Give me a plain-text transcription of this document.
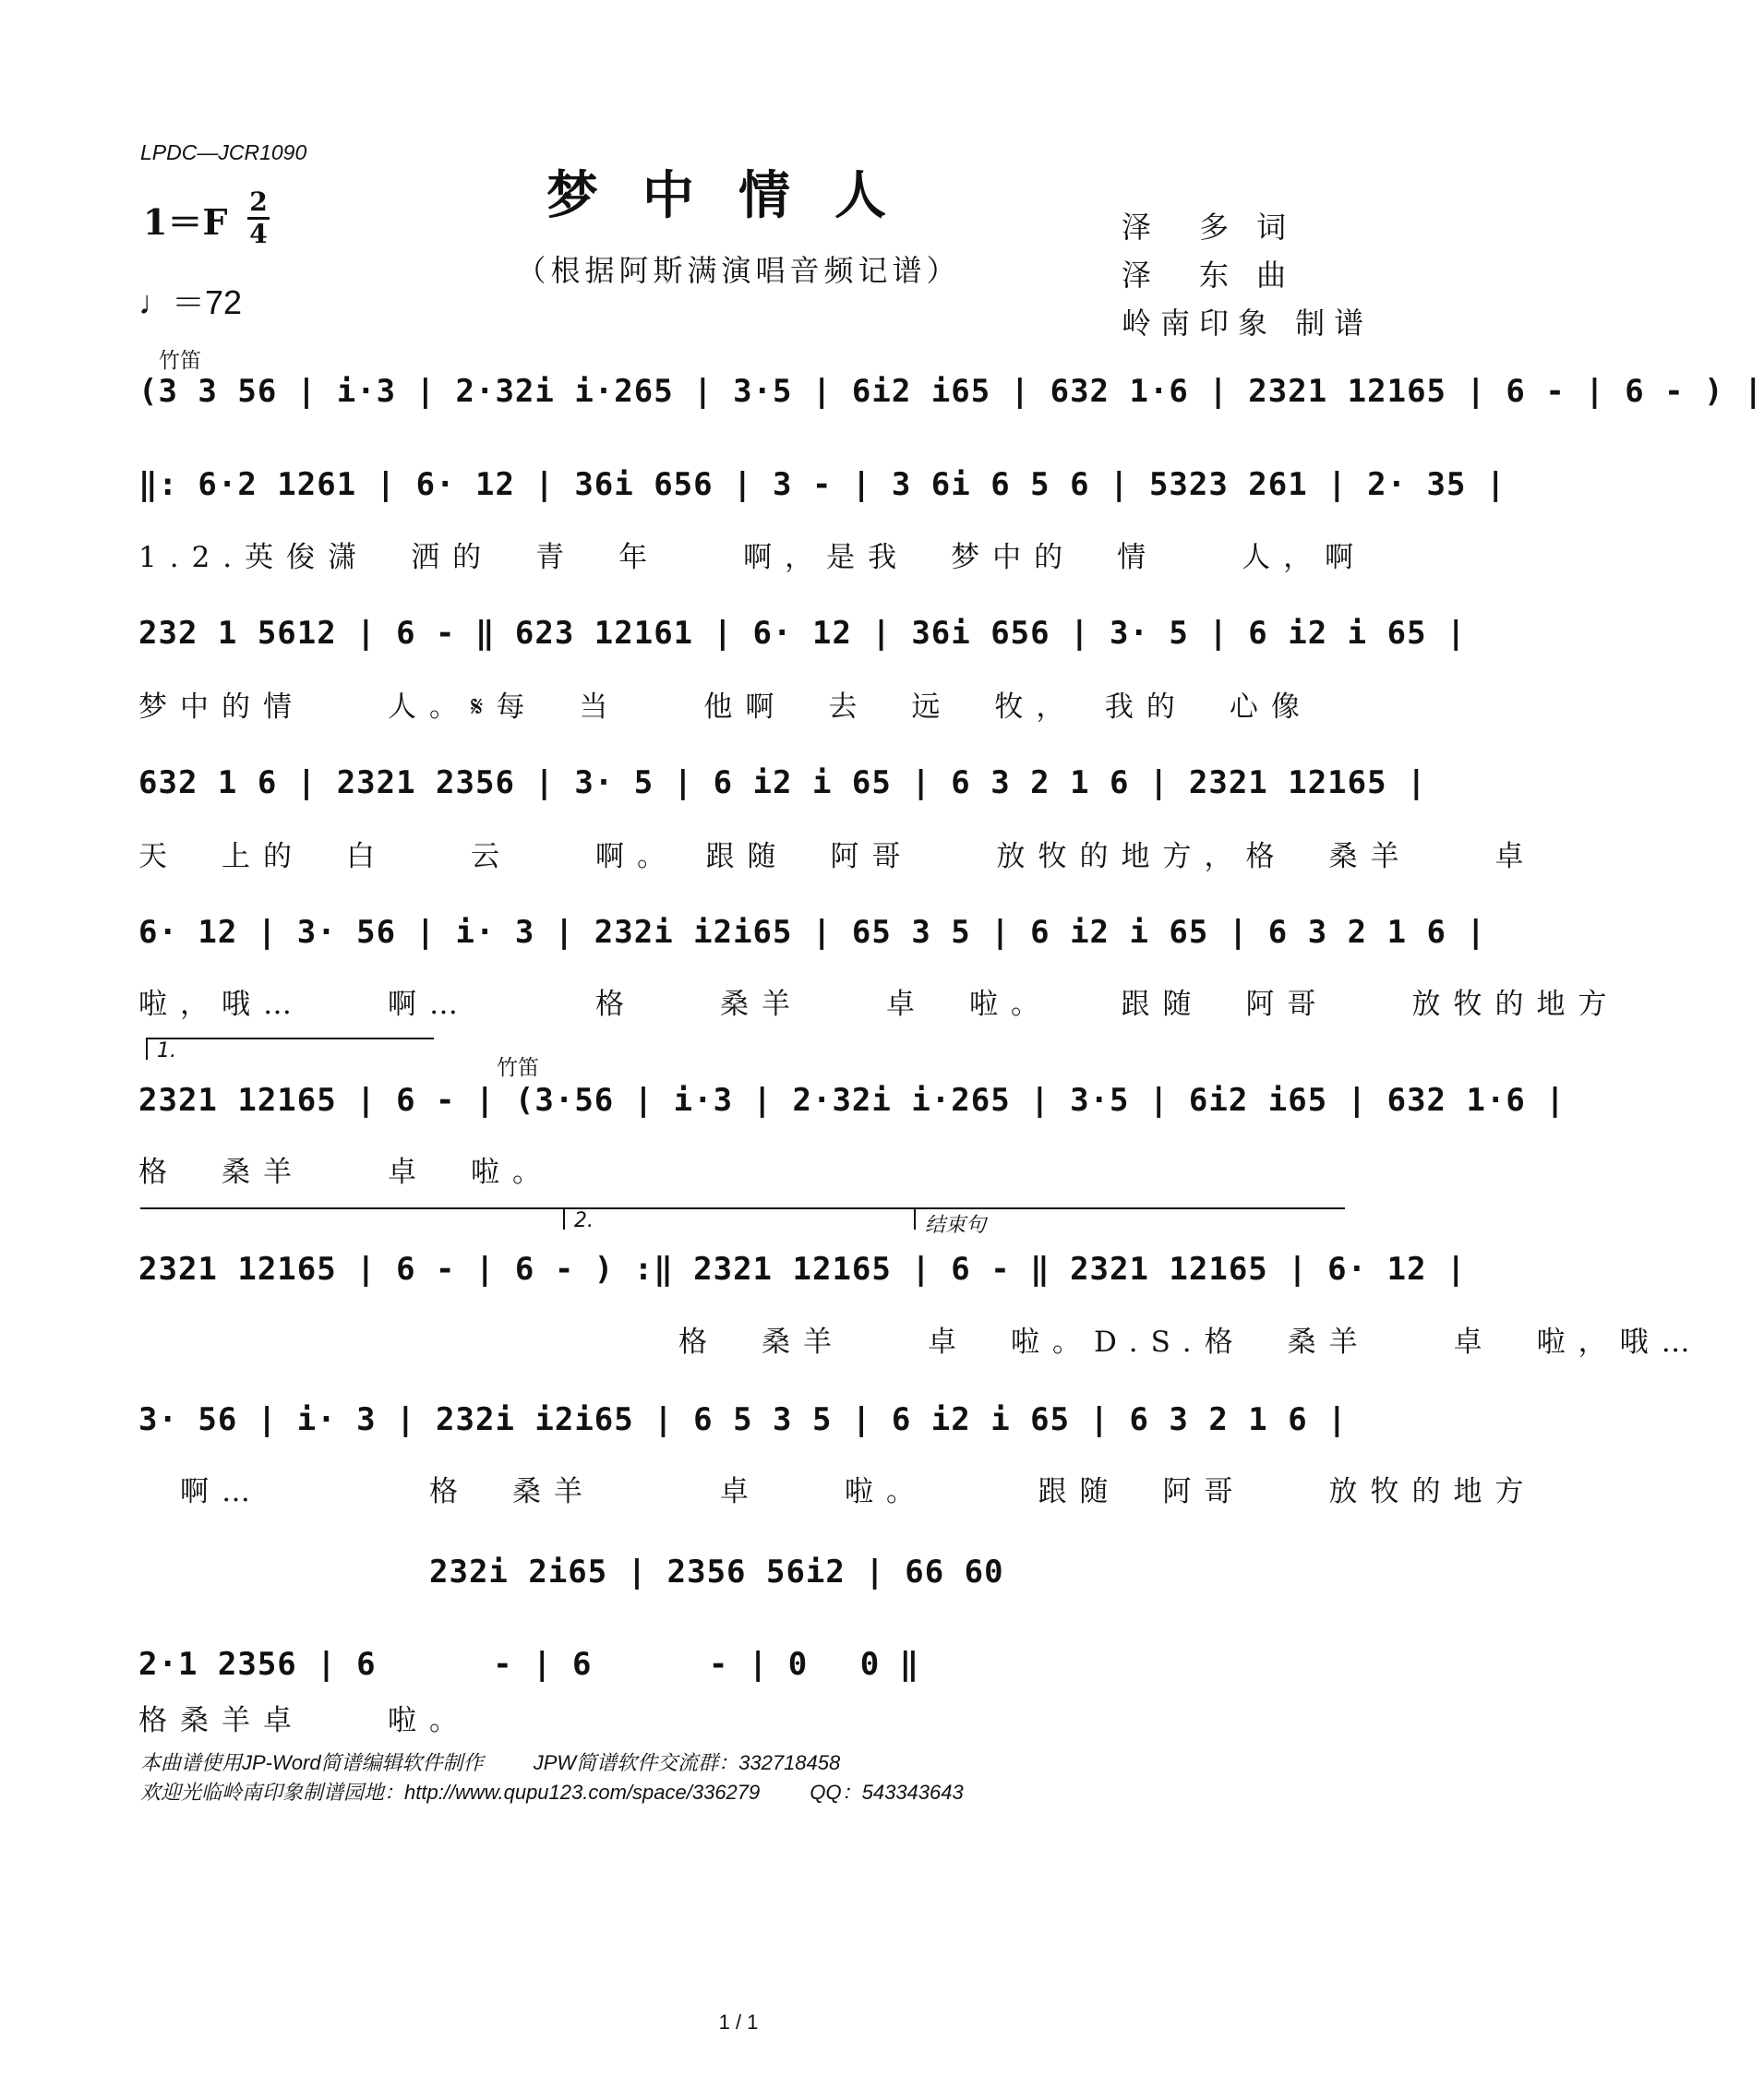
LPDC—JCR1090
梦中情人
（根据阿斯满演唱音频记谱）
1＝F 2
4
♩＝72
泽　多 词
泽　东 曲
岭南印象 制谱
竹笛
竹笛
(3 3 56 | i·3 | 2·32i i·265 | 3·5 | 6i2 i65 | 632 1·6 | 2321 12165 | 6 - | 6 - ) |
‖: 6·2 1261 | 6· 12 | 36i 656 | 3 - | 3 6i 6 5 6 | 5323 261 | 2· 35 |
1.2.英俊潇　洒的　青　年　　啊，是我　梦中的　情　　人，啊
232 1 5612 | 6 - ‖ 623 12161 | 6· 12 | 36i 656 | 3· 5 | 6 i2 i 65 |
梦中的情　　人。𝄋每　当　　他啊　去　远　牧，　我的　心像
632 1 6 | 2321 2356 | 3· 5 | 6 i2 i 65 | 6 3 2 1 6 | 2321 12165 |
天　上的　白　　云　　啊。　跟随　阿哥　　放牧的地方，格　桑羊　　卓
6· 12 | 3· 56 | i· 3 | 232i i2i65 | 65 3 5 | 6 i2 i 65 | 6 3 2 1 6 |
啦，哦…　　啊…　　　格　　桑羊　　卓　啦。　　跟随　阿哥　　放牧的地方
2321 12165 | 6 - | (3·56 | i·3 | 2·32i i·265 | 3·5 | 6i2 i65 | 632 1·6 |
格　桑羊　　卓　啦。
2321 12165 | 6 - | 6 - ) :‖ 2321 12165 | 6 - ‖ 2321 12165 | 6· 12 |
　　　　　　　　　　　　　格　桑羊　　卓　啦。D.S.格　桑羊　　卓　啦，哦…
3· 56 | i· 3 | 232i i2i65 | 6 5 3 5 | 6 i2 i 65 | 6 3 2 1 6 |
　啊…　　　　格　桑羊　　　卓　　啦。　　　跟随　阿哥　　放牧的地方
　　　　　　　　　232i 2i65 | 2356 56i2 | 66 60
2·1 2356 | 6 　　　- | 6 　　　- | 0 　0 ‖
格桑羊卓　　啦。
1.
2.	结束句
本曲谱使用JP-Word简谱编辑软件制作 JPW简谱软件交流群：332718458
欢迎光临岭南印象制谱园地：http://www.qupu123.com/space/336279 QQ：543343643
1 / 1
